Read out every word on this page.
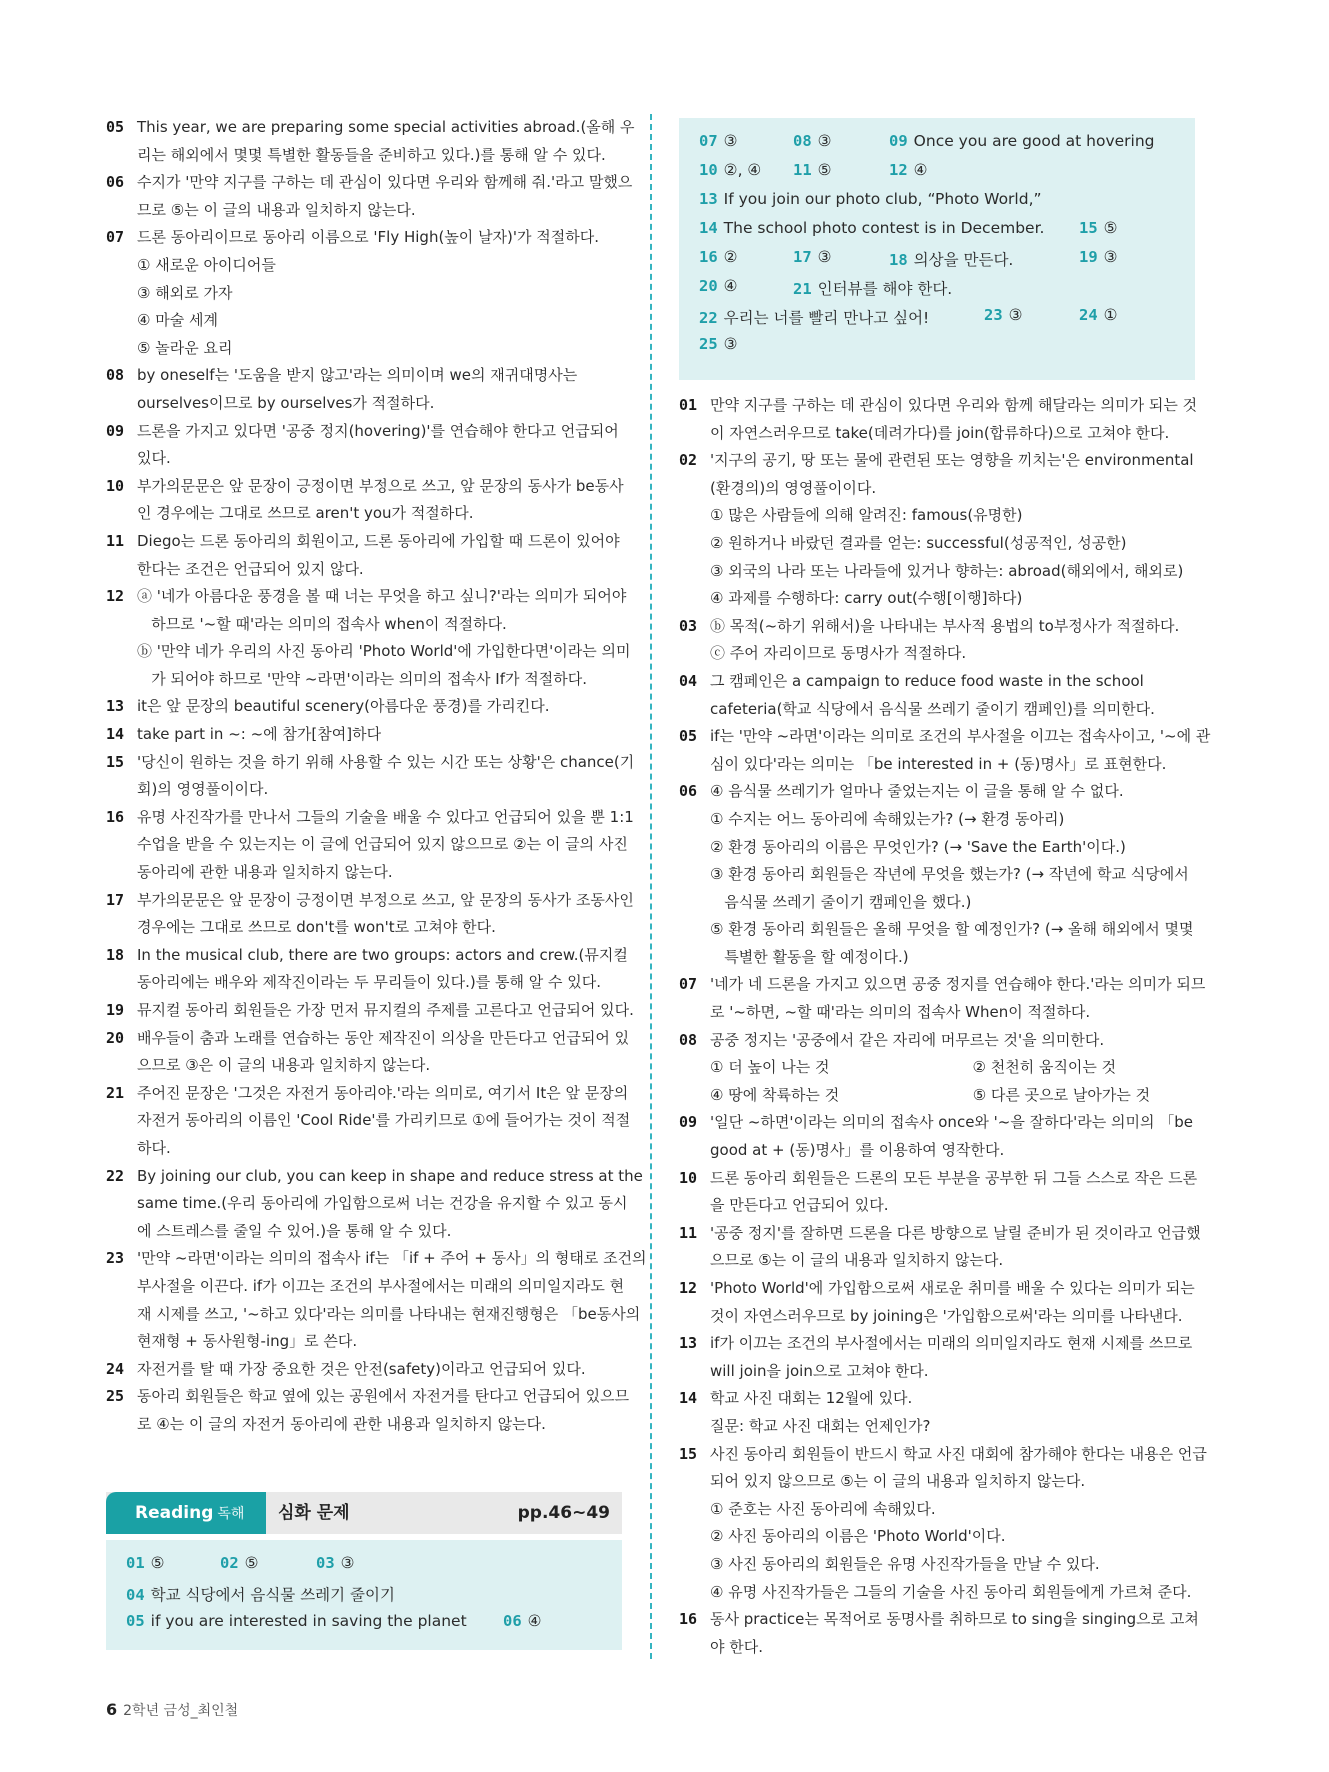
05 This year, we are preparing some special activities abroad.(올해 우
리는 해외에서 몇몇 특별한 활동들을 준비하고 있다.)를 통해 알 수 있다.
06 수지가 '만약 지구를 구하는 데 관심이 있다면 우리와 함께해 줘.'라고 말했으
므로 ⑤는 이 글의 내용과 일치하지 않는다.
07 드론 동아리이므로 동아리 이름으로 'Fly High(높이 날자)'가 적절하다.
① 새로운 아이디어들
③ 해외로 가자
④ 마술 세계
⑤ 놀라운 요리
08 by oneself는 '도움을 받지 않고'라는 의미이며 we의 재귀대명사는
ourselves이므로 by ourselves가 적절하다.
09 드론을 가지고 있다면 '공중 정지(hovering)'를 연습해야 한다고 언급되어
있다.
10 부가의문문은 앞 문장이 긍정이면 부정으로 쓰고, 앞 문장의 동사가 be동사
인 경우에는 그대로 쓰므로 aren't you가 적절하다.
11 Diego는 드론 동아리의 회원이고, 드론 동아리에 가입할 때 드론이 있어야
한다는 조건은 언급되어 있지 않다.
12 ⓐ '네가 아름다운 풍경을 볼 때 너는 무엇을 하고 싶니?'라는 의미가 되어야
하므로 '~할 때'라는 의미의 접속사 when이 적절하다.
ⓑ '만약 네가 우리의 사진 동아리 'Photo World'에 가입한다면'이라는 의미
가 되어야 하므로 '만약 ~라면'이라는 의미의 접속사 If가 적절하다.
13 it은 앞 문장의 beautiful scenery(아름다운 풍경)를 가리킨다.
14 take part in ~: ~에 참가[참여]하다
15 '당신이 원하는 것을 하기 위해 사용할 수 있는 시간 또는 상황'은 chance(기
회)의 영영풀이이다.
16 유명 사진작가를 만나서 그들의 기술을 배울 수 있다고 언급되어 있을 뿐 1:1
수업을 받을 수 있는지는 이 글에 언급되어 있지 않으므로 ②는 이 글의 사진
동아리에 관한 내용과 일치하지 않는다.
17 부가의문문은 앞 문장이 긍정이면 부정으로 쓰고, 앞 문장의 동사가 조동사인
경우에는 그대로 쓰므로 don't를 won't로 고쳐야 한다.
18 In the musical club, there are two groups: actors and crew.(뮤지컬
동아리에는 배우와 제작진이라는 두 무리들이 있다.)를 통해 알 수 있다.
19 뮤지컬 동아리 회원들은 가장 먼저 뮤지컬의 주제를 고른다고 언급되어 있다.
20 배우들이 춤과 노래를 연습하는 동안 제작진이 의상을 만든다고 언급되어 있
으므로 ③은 이 글의 내용과 일치하지 않는다.
21 주어진 문장은 '그것은 자전거 동아리야.'라는 의미로, 여기서 It은 앞 문장의
자전거 동아리의 이름인 'Cool Ride'를 가리키므로 ①에 들어가는 것이 적절
하다.
22 By joining our club, you can keep in shape and reduce stress at the
same time.(우리 동아리에 가입함으로써 너는 건강을 유지할 수 있고 동시
에 스트레스를 줄일 수 있어.)을 통해 알 수 있다.
23 '만약 ~라면'이라는 의미의 접속사 if는 「if + 주어 + 동사」의 형태로 조건의
부사절을 이끈다. if가 이끄는 조건의 부사절에서는 미래의 의미일지라도 현
재 시제를 쓰고, '~하고 있다'라는 의미를 나타내는 현재진행형은 「be동사의
현재형 + 동사원형-ing」로 쓴다.
24 자전거를 탈 때 가장 중요한 것은 안전(safety)이라고 언급되어 있다.
25 동아리 회원들은 학교 옆에 있는 공원에서 자전거를 탄다고 언급되어 있으므
로 ④는 이 글의 자전거 동아리에 관한 내용과 일치하지 않는다.
07 ③	08 ③	09 Once you are good at hovering
10 ②, ④ 11 ⑤	12 ④
13 If you join our photo club, “Photo World,”
14 The school photo contest is in December. 15 ⑤
16 ②	17 ③	18 의상을 만든다.	19 ③
20 ④	21 인터뷰를 해야 한다.
22 우리는 너를 빨리 만나고 싶어!	23 ③	24 ①
25 ③
01 만약 지구를 구하는 데 관심이 있다면 우리와 함께 해달라는 의미가 되는 것
이 자연스러우므로 take(데려가다)를 join(합류하다)으로 고쳐야 한다.
02 '지구의 공기, 땅 또는 물에 관련된 또는 영향을 끼치는'은 environmental
(환경의)의 영영풀이이다.
① 많은 사람들에 의해 알려진: famous(유명한)
② 원하거나 바랐던 결과를 얻는: successful(성공적인, 성공한)
③ 외국의 나라 또는 나라들에 있거나 향하는: abroad(해외에서, 해외로)
④ 과제를 수행하다: carry out(수행[이행]하다)
03 ⓑ 목적(~하기 위해서)을 나타내는 부사적 용법의 to부정사가 적절하다.
ⓒ 주어 자리이므로 동명사가 적절하다.
04 그 캠페인은 a campaign to reduce food waste in the school
cafeteria(학교 식당에서 음식물 쓰레기 줄이기 캠페인)를 의미한다.
05 if는 '만약 ~라면'이라는 의미로 조건의 부사절을 이끄는 접속사이고, '~에 관
심이 있다'라는 의미는 「be interested in + (동)명사」로 표현한다.
06 ④ 음식물 쓰레기가 얼마나 줄었는지는 이 글을 통해 알 수 없다.
① 수지는 어느 동아리에 속해있는가? (→ 환경 동아리)
② 환경 동아리의 이름은 무엇인가? (→ 'Save the Earth'이다.)
③ 환경 동아리 회원들은 작년에 무엇을 했는가? (→ 작년에 학교 식당에서
음식물 쓰레기 줄이기 캠페인을 했다.)
⑤ 환경 동아리 회원들은 올해 무엇을 할 예정인가? (→ 올해 해외에서 몇몇
특별한 활동을 할 예정이다.)
07 '네가 네 드론을 가지고 있으면 공중 정지를 연습해야 한다.'라는 의미가 되므
로 '~하면, ~할 때'라는 의미의 접속사 When이 적절하다.
08 공중 정지는 '공중에서 같은 자리에 머무르는 것'을 의미한다.
① 더 높이 나는 것                              ② 천천히 움직이는 것
④ 땅에 착륙하는 것                            ⑤ 다른 곳으로 날아가는 것
09 '일단 ~하면'이라는 의미의 접속사 once와 '~을 잘하다'라는 의미의 「be
good at + (동)명사」를 이용하여 영작한다.
10 드론 동아리 회원들은 드론의 모든 부분을 공부한 뒤 그들 스스로 작은 드론
을 만든다고 언급되어 있다.
11 '공중 정지'를 잘하면 드론을 다른 방향으로 날릴 준비가 된 것이라고 언급했
으므로 ⑤는 이 글의 내용과 일치하지 않는다.
12 'Photo World'에 가입함으로써 새로운 취미를 배울 수 있다는 의미가 되는
것이 자연스러우므로 by joining은 '가입함으로써'라는 의미를 나타낸다.
13 if가 이끄는 조건의 부사절에서는 미래의 의미일지라도 현재 시제를 쓰므로
will join을 join으로 고쳐야 한다.
14 학교 사진 대회는 12월에 있다.
질문: 학교 사진 대회는 언제인가?
15 사진 동아리 회원들이 반드시 학교 사진 대회에 참가해야 한다는 내용은 언급
되어 있지 않으므로 ⑤는 이 글의 내용과 일치하지 않는다.
① 준호는 사진 동아리에 속해있다.
② 사진 동아리의 이름은 'Photo World'이다.
③ 사진 동아리의 회원들은 유명 사진작가들을 만날 수 있다.
④ 유명 사진작가들은 그들의 기술을 사진 동아리 회원들에게 가르쳐 준다.
16 동사 practice는 목적어로 동명사를 취하므로 to sing을 singing으로 고쳐
야 한다.
Reading 독해	심화 문제	pp.46~49
01 ⑤	02 ⑤	03 ③
04 학교 식당에서 음식물 쓰레기 줄이기
05 if you are interested in saving the planet 06 ④
6 2학년 금성_최인철
